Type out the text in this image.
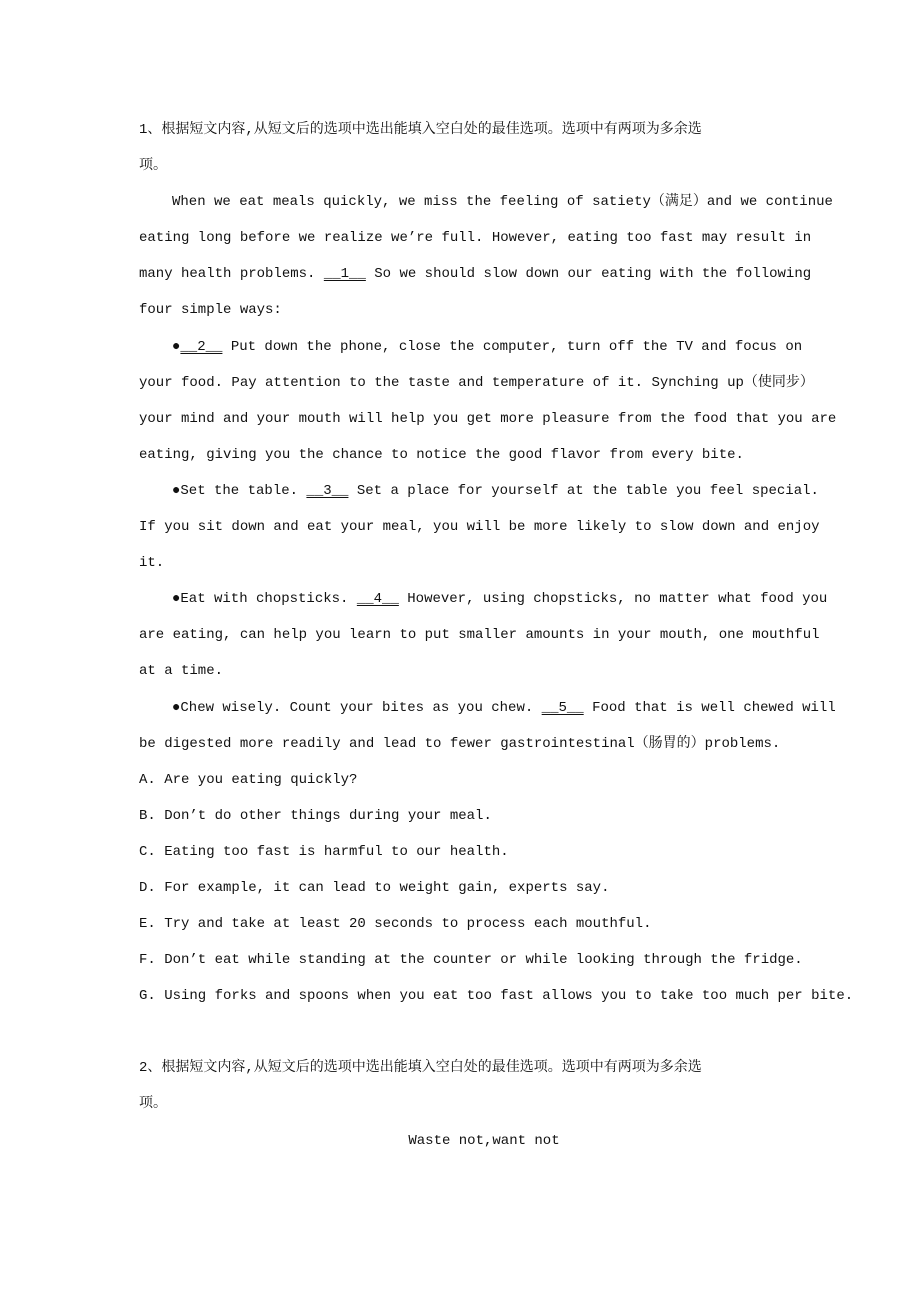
1、根据短文内容,从短文后的选项中选出能填入空白处的最佳选项。选项中有两项为多余选
项。
When we eat meals quickly, we miss the feeling of satiety（满足）and we continue
eating long before we realize we’re full. However, eating too fast may result in
many health problems. __1__ So we should slow down our eating with the following
four simple ways:
●__2__ Put down the phone, close the computer, turn off the TV and focus on
your food. Pay attention to the taste and temperature of it. Synching up（使同步）
your mind and your mouth will help you get more pleasure from the food that you are
eating, giving you the chance to notice the good flavor from every bite.
●Set the table. __3__ Set a place for yourself at the table you feel special.
If you sit down and eat your meal, you will be more likely to slow down and enjoy
it.
●Eat with chopsticks. __4__ However, using chopsticks, no matter what food you
are eating, can help you learn to put smaller amounts in your mouth, one mouthful
at a time.
●Chew wisely. Count your bites as you chew. __5__ Food that is well chewed will
be digested more readily and lead to fewer gastrointestinal（肠胃的）problems.
A. Are you eating quickly?
B. Don’t do other things during your meal.
C. Eating too fast is harmful to our health.
D. For example, it can lead to weight gain, experts say.
E. Try and take at least 20 seconds to process each mouthful.
F. Don’t eat while standing at the counter or while looking through the fridge.
G. Using forks and spoons when you eat too fast allows you to take too much per bite.
2、根据短文内容,从短文后的选项中选出能填入空白处的最佳选项。选项中有两项为多余选
项。
Waste not,want not
